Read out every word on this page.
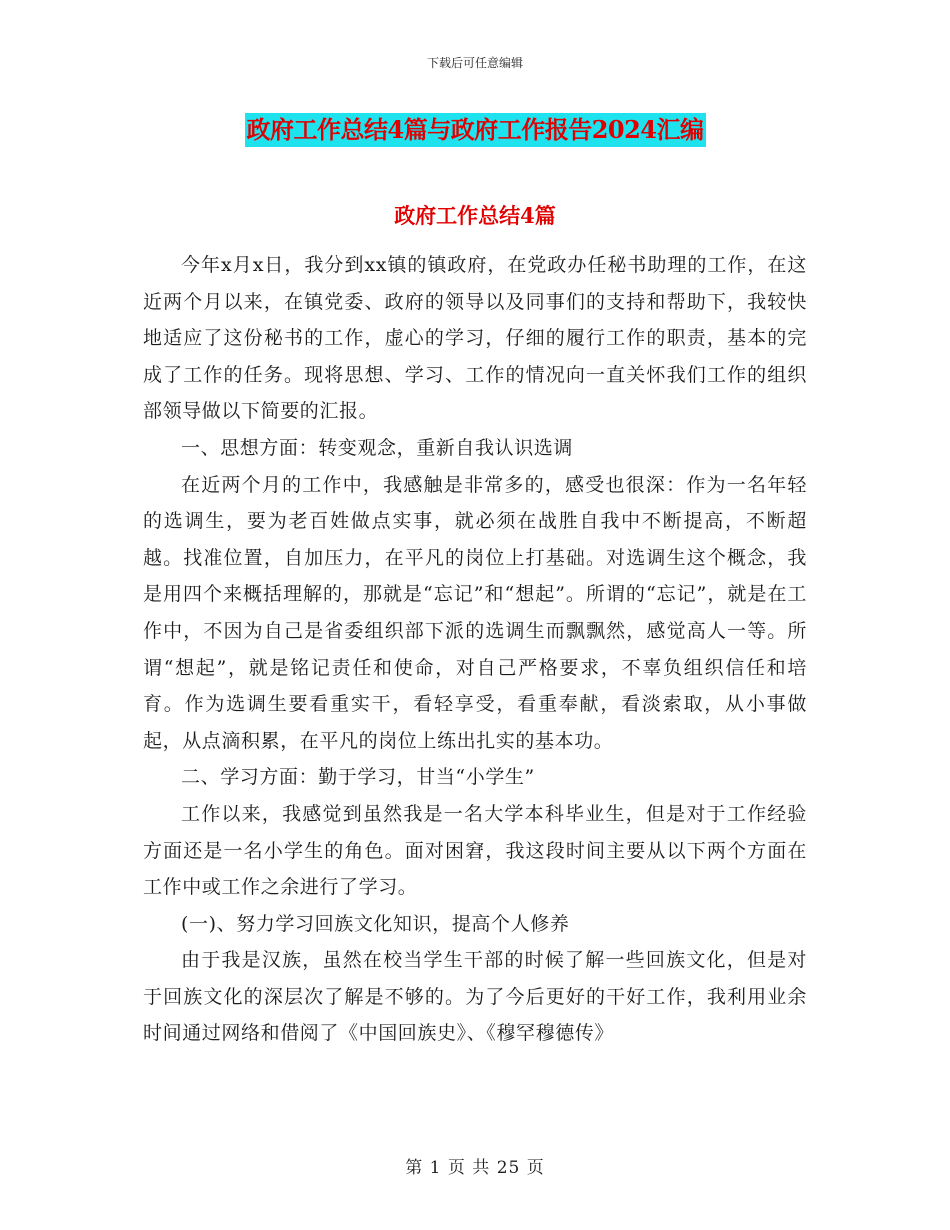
下载后可任意编辑
政府工作总结4篇与政府工作报告2024汇编
政府工作总结4篇

今年x月x日，我分到xx镇的镇政府，在党政办任秘书助理的工作，在这近两个月以来，在镇党委、政府的领导以及同事们的支持和帮助下，我较快地适应了这份秘书的工作，虚心的学习，仔细的履行工作的职责，基本的完成了工作的任务。现将思想、学习、工作的情况向一直关怀我们工作的组织部领导做以下简要的汇报。

一、思想方面：转变观念，重新自我认识选调

在近两个月的工作中，我感触是非常多的，感受也很深：作为一名年轻的选调生，要为老百姓做点实事，就必须在战胜自我中不断提高，不断超越。找准位置，自加压力，在平凡的岗位上打基础。对选调生这个概念，我是用四个来概括理解的，那就是“忘记”和“想起”。所谓的“忘记”，就是在工作中，不因为自己是省委组织部下派的选调生而飘飘然，感觉高人一等。所谓“想起”，就是铭记责任和使命，对自己严格要求，不辜负组织信任和培育。作为选调生要看重实干，看轻享受，看重奉献，看淡索取，从小事做起，从点滴积累，在平凡的岗位上练出扎实的基本功。

二、学习方面：勤于学习，甘当“小学生”

工作以来，我感觉到虽然我是一名大学本科毕业生，但是对于工作经验方面还是一名小学生的角色。面对困窘，我这段时间主要从以下两个方面在工作中或工作之余进行了学习。

(一)、努力学习回族文化知识，提高个人修养

由于我是汉族，虽然在校当学生干部的时候了解一些回族文化，但是对于回族文化的深层次了解是不够的。为了今后更好的干好工作，我利用业余时间通过网络和借阅了《中国回族史》、《穆罕穆德传》

第 1 页 共 25 页
